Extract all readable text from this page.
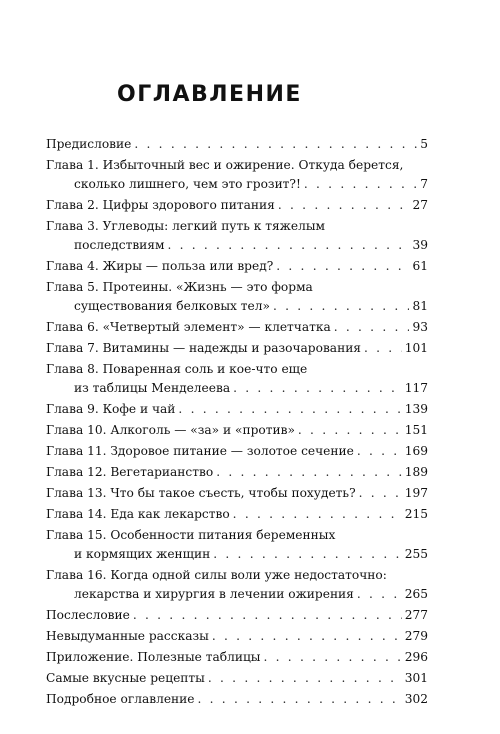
ОГЛАВЛЕНИЕ
Предисловие . . .	5
Глава 1. Избыточный вес и ожирение. Откуда берется,
сколько лишнего, чем это грозит?! . . .	7
Глава 2. Цифры здорового питания . . .	27
Глава 3. Углеводы: легкий путь к тяжелым
последствиям . . .	39
Глава 4. Жиры — польза или вред? . . .	61
Глава 5. Протеины. «Жизнь — это форма
существования белковых тел» . . .	81
Глава 6. «Четвертый элемент» — клетчатка . . .	93
Глава 7. Витамины — надежды и разочарования . . .	101
Глава 8. Поваренная соль и кое-что еще
из таблицы Менделеева . . .	117
Глава 9. Кофе и чай . . .	139
Глава 10. Алкоголь — «за» и «против» . . .	151
Глава 11. Здоровое питание — золотое сечение . . .	169
Глава 12. Вегетарианство . . .	189
Глава 13. Что бы такое съесть, чтобы похудеть? . . .	197
Глава 14. Еда как лекарство . . .	215
Глава 15. Особенности питания беременных
и кормящих женщин . . .	255
Глава 16. Когда одной силы воли уже недостаточно:
лекарства и хирургия в лечении ожирения . . .	265
Послесловие . . .	277
Невыдуманные рассказы . . .	279
Приложение. Полезные таблицы . . .	296
Самые вкусные рецепты . . .	301
Подробное оглавление . . .	302
